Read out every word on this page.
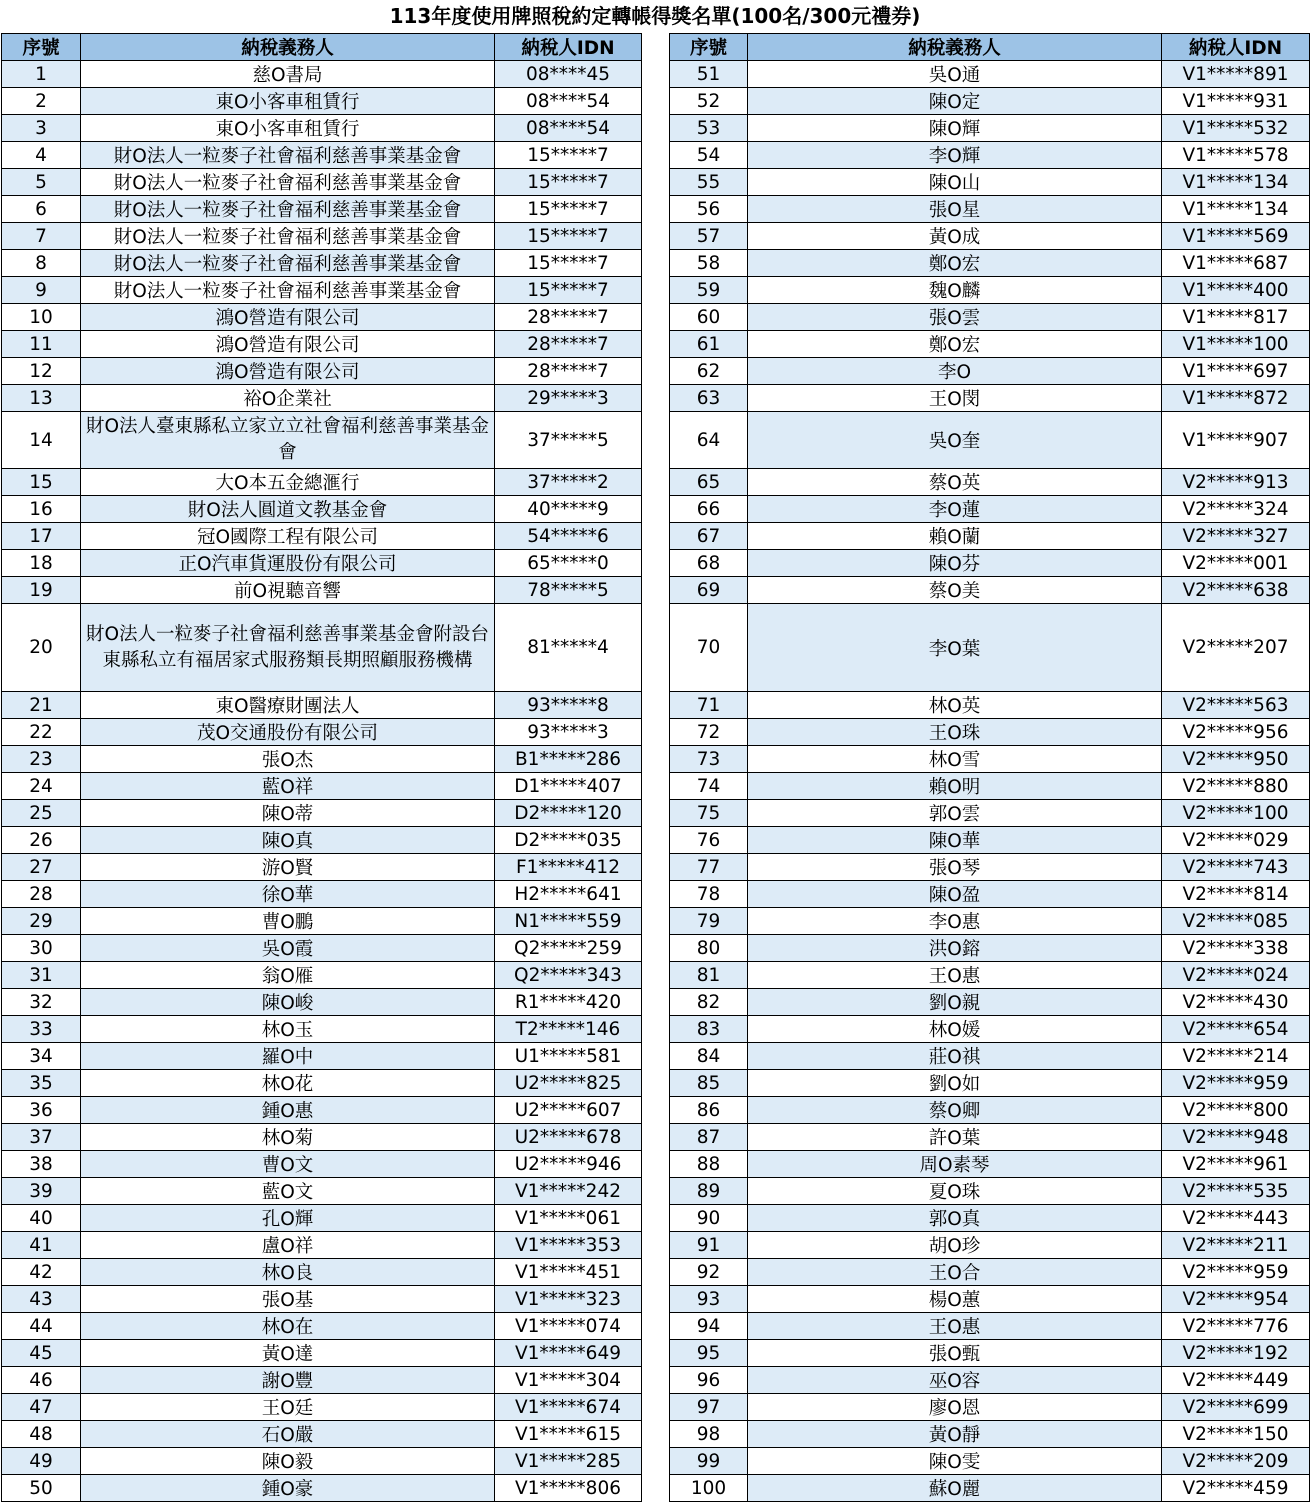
113年度使用牌照稅約定轉帳得獎名單(100名/300元禮券)
序號	納稅義務人	納稅人IDN
1	慈O書局	08****45
2	東O小客車租賃行	08****54
3	東O小客車租賃行	08****54
4	財O法人一粒麥子社會福利慈善事業基金會	15*****7
5	財O法人一粒麥子社會福利慈善事業基金會	15*****7
6	財O法人一粒麥子社會福利慈善事業基金會	15*****7
7	財O法人一粒麥子社會福利慈善事業基金會	15*****7
8	財O法人一粒麥子社會福利慈善事業基金會	15*****7
9	財O法人一粒麥子社會福利慈善事業基金會	15*****7
10	鴻O營造有限公司	28*****7
11	鴻O營造有限公司	28*****7
12	鴻O營造有限公司	28*****7
13	裕O企業社	29*****3
14	財O法人臺東縣私立家立立社會福利慈善事業基金會	37*****5
15	大O本五金總滙行	37*****2
16	財O法人圓道文教基金會	40*****9
17	冠O國際工程有限公司	54*****6
18	正O汽車貨運股份有限公司	65*****0
19	前O視聽音響	78*****5
20	財O法人一粒麥子社會福利慈善事業基金會附設台東縣私立有福居家式服務類長期照顧服務機構	81*****4
21	東O醫療財團法人	93*****8
22	茂O交通股份有限公司	93*****3
23	張O杰	B1*****286
24	藍O祥	D1*****407
25	陳O蒂	D2*****120
26	陳O真	D2*****035
27	游O賢	F1*****412
28	徐O華	H2*****641
29	曹O鵬	N1*****559
30	吳O霞	Q2*****259
31	翁O雁	Q2*****343
32	陳O峻	R1*****420
33	林O玉	T2*****146
34	羅O中	U1*****581
35	林O花	U2*****825
36	鍾O惠	U2*****607
37	林O菊	U2*****678
38	曹O文	U2*****946
39	藍O文	V1*****242
40	孔O輝	V1*****061
41	盧O祥	V1*****353
42	林O良	V1*****451
43	張O基	V1*****323
44	林O在	V1*****074
45	黃O達	V1*****649
46	謝O豐	V1*****304
47	王O廷	V1*****674
48	石O嚴	V1*****615
49	陳O毅	V1*****285
50	鍾O豪	V1*****806
序號	納稅義務人	納稅人IDN
51	吳O通	V1*****891
52	陳O定	V1*****931
53	陳O輝	V1*****532
54	李O輝	V1*****578
55	陳O山	V1*****134
56	張O星	V1*****134
57	黃O成	V1*****569
58	鄭O宏	V1*****687
59	魏O麟	V1*****400
60	張O雲	V1*****817
61	鄭O宏	V1*****100
62	李O	V1*****697
63	王O閔	V1*****872
64	吳O奎	V1*****907
65	蔡O英	V2*****913
66	李O蓮	V2*****324
67	賴O蘭	V2*****327
68	陳O芬	V2*****001
69	蔡O美	V2*****638
70	李O葉	V2*****207
71	林O英	V2*****563
72	王O珠	V2*****956
73	林O雪	V2*****950
74	賴O明	V2*****880
75	郭O雲	V2*****100
76	陳O華	V2*****029
77	張O琴	V2*****743
78	陳O盈	V2*****814
79	李O惠	V2*****085
80	洪O鎔	V2*****338
81	王O惠	V2*****024
82	劉O親	V2*****430
83	林O媛	V2*****654
84	莊O祺	V2*****214
85	劉O如	V2*****959
86	蔡O卿	V2*****800
87	許O葉	V2*****948
88	周O素琴	V2*****961
89	夏O珠	V2*****535
90	郭O真	V2*****443
91	胡O珍	V2*****211
92	王O合	V2*****959
93	楊O蕙	V2*****954
94	王O惠	V2*****776
95	張O甄	V2*****192
96	巫O容	V2*****449
97	廖O恩	V2*****699
98	黃O靜	V2*****150
99	陳O雯	V2*****209
100	蘇O麗	V2*****459
